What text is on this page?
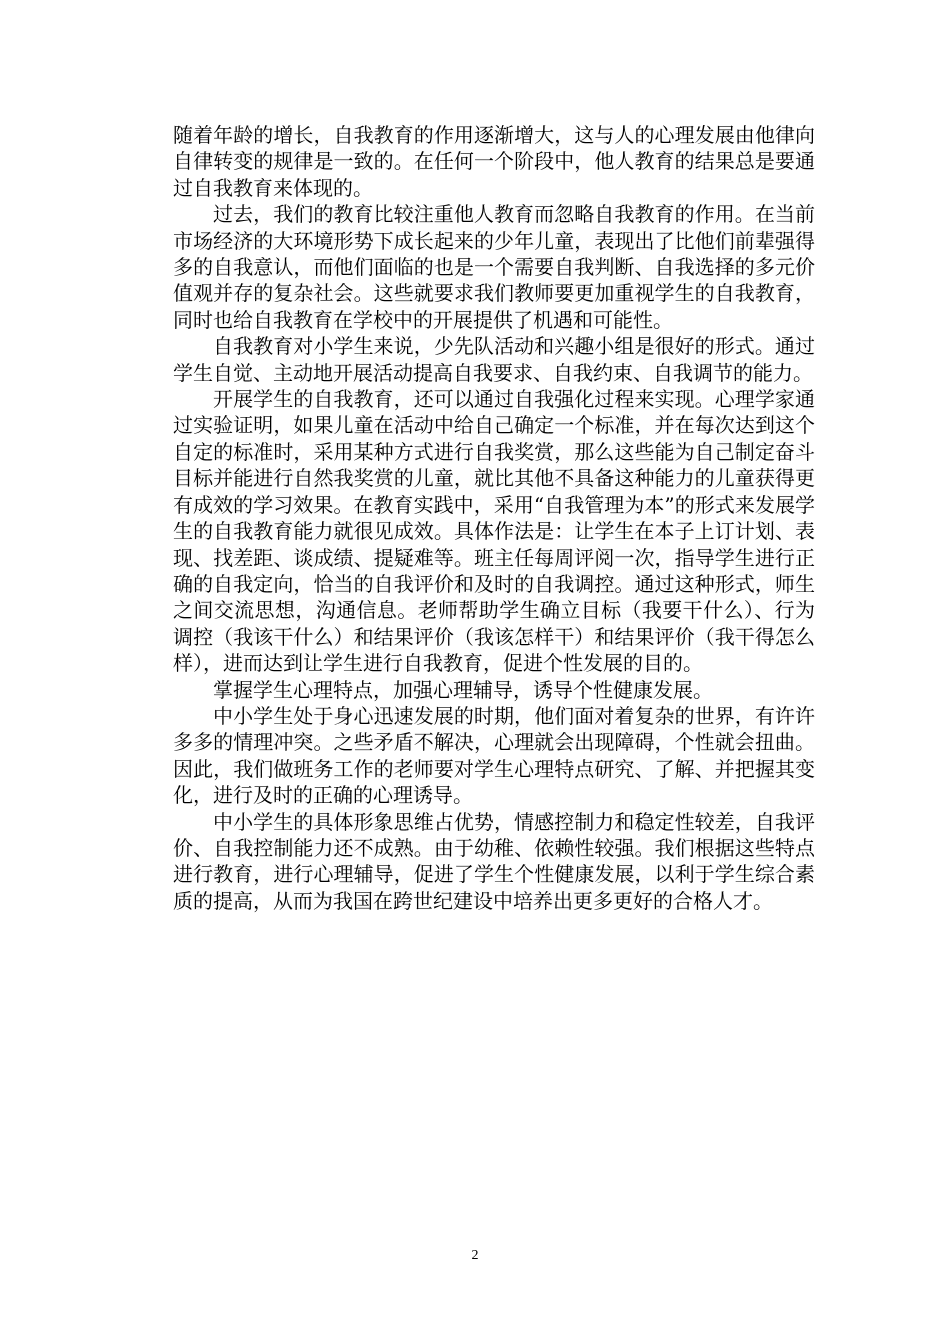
随着年龄的增长，自我教育的作用逐渐增大，这与人的心理发展由他律向自律转变的规律是一致的。在任何一个阶段中，他人教育的结果总是要通过自我教育来体现的。

过去，我们的教育比较注重他人教育而忽略自我教育的作用。在当前市场经济的大环境形势下成长起来的少年儿童，表现出了比他们前辈强得多的自我意认，而他们面临的也是一个需要自我判断、自我选择的多元价值观并存的复杂社会。这些就要求我们教师要更加重视学生的自我教育，同时也给自我教育在学校中的开展提供了机遇和可能性。

自我教育对小学生来说，少先队活动和兴趣小组是很好的形式。通过学生自觉、主动地开展活动提高自我要求、自我约束、自我调节的能力。

开展学生的自我教育，还可以通过自我强化过程来实现。心理学家通过实验证明，如果儿童在活动中给自己确定一个标准，并在每次达到这个自定的标准时，采用某种方式进行自我奖赏，那么这些能为自己制定奋斗目标并能进行自然我奖赏的儿童，就比其他不具备这种能力的儿童获得更有成效的学习效果。在教育实践中，采用“自我管理为本”的形式来发展学生的自我教育能力就很见成效。具体作法是：让学生在本子上订计划、表现、找差距、谈成绩、提疑难等。班主任每周评阅一次，指导学生进行正确的自我定向，恰当的自我评价和及时的自我调控。通过这种形式，师生之间交流思想，沟通信息。老师帮助学生确立目标（我要干什么）、行为调控（我该干什么）和结果评价（我该怎样干）和结果评价（我干得怎么样），进而达到让学生进行自我教育，促进个性发展的目的。

掌握学生心理特点，加强心理辅导，诱导个性健康发展。

中小学生处于身心迅速发展的时期，他们面对着复杂的世界，有许许多多的情理冲突。之些矛盾不解决，心理就会出现障碍，个性就会扭曲。因此，我们做班务工作的老师要对学生心理特点研究、了解、并把握其变化，进行及时的正确的心理诱导。

中小学生的具体形象思维占优势，情感控制力和稳定性较差，自我评价、自我控制能力还不成熟。由于幼稚、依赖性较强。我们根据这些特点进行教育，进行心理辅导，促进了学生个性健康发展，以利于学生综合素质的提高，从而为我国在跨世纪建设中培养出更多更好的合格人才。

2
